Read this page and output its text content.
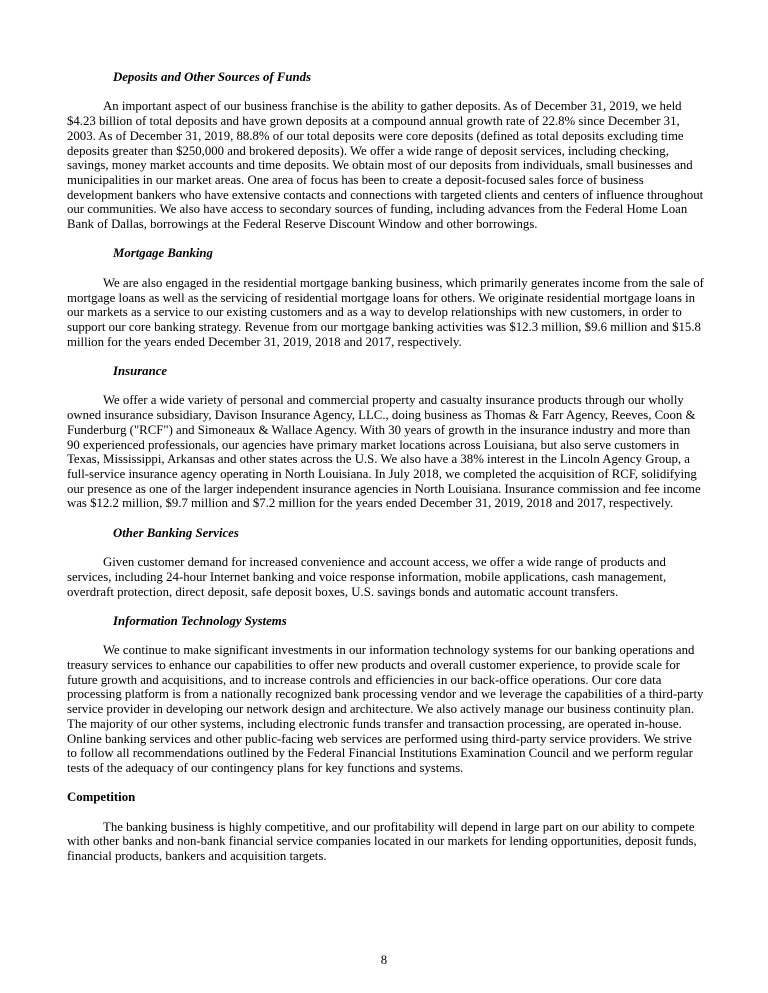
Deposits and Other Sources of Funds

An important aspect of our business franchise is the ability to gather deposits. As of December 31, 2019, we held $4.23 billion of total deposits and have grown deposits at a compound annual growth rate of 22.8% since December 31, 2003. As of December 31, 2019, 88.8% of our total deposits were core deposits (defined as total deposits excluding time deposits greater than $250,000 and brokered deposits). We offer a wide range of deposit services, including checking, savings, money market accounts and time deposits. We obtain most of our deposits from individuals, small businesses and municipalities in our market areas. One area of focus has been to create a deposit-focused sales force of business development bankers who have extensive contacts and connections with targeted clients and centers of influence throughout our communities. We also have access to secondary sources of funding, including advances from the Federal Home Loan Bank of Dallas, borrowings at the Federal Reserve Discount Window and other borrowings.

Mortgage Banking

We are also engaged in the residential mortgage banking business, which primarily generates income from the sale of mortgage loans as well as the servicing of residential mortgage loans for others. We originate residential mortgage loans in our markets as a service to our existing customers and as a way to develop relationships with new customers, in order to support our core banking strategy. Revenue from our mortgage banking activities was $12.3 million, $9.6 million and $15.8 million for the years ended December 31, 2019, 2018 and 2017, respectively.

Insurance

We offer a wide variety of personal and commercial property and casualty insurance products through our wholly owned insurance subsidiary, Davison Insurance Agency, LLC., doing business as Thomas & Farr Agency, Reeves, Coon & Funderburg ("RCF") and Simoneaux & Wallace Agency. With 30 years of growth in the insurance industry and more than 90 experienced professionals, our agencies have primary market locations across Louisiana, but also serve customers in Texas, Mississippi, Arkansas and other states across the U.S. We also have a 38% interest in the Lincoln Agency Group, a full-service insurance agency operating in North Louisiana. In July 2018, we completed the acquisition of RCF, solidifying our presence as one of the larger independent insurance agencies in North Louisiana. Insurance commission and fee income was $12.2 million, $9.7 million and $7.2 million for the years ended December 31, 2019, 2018 and 2017, respectively.

Other Banking Services

Given customer demand for increased convenience and account access, we offer a wide range of products and services, including 24-hour Internet banking and voice response information, mobile applications, cash management, overdraft protection, direct deposit, safe deposit boxes, U.S. savings bonds and automatic account transfers.

Information Technology Systems

We continue to make significant investments in our information technology systems for our banking operations and treasury services to enhance our capabilities to offer new products and overall customer experience, to provide scale for future growth and acquisitions, and to increase controls and efficiencies in our back-office operations. Our core data processing platform is from a nationally recognized bank processing vendor and we leverage the capabilities of a third-party service provider in developing our network design and architecture. We also actively manage our business continuity plan. The majority of our other systems, including electronic funds transfer and transaction processing, are operated in-house. Online banking services and other public-facing web services are performed using third-party service providers. We strive to follow all recommendations outlined by the Federal Financial Institutions Examination Council and we perform regular tests of the adequacy of our contingency plans for key functions and systems.

Competition

The banking business is highly competitive, and our profitability will depend in large part on our ability to compete with other banks and non-bank financial service companies located in our markets for lending opportunities, deposit funds, financial products, bankers and acquisition targets.

8
